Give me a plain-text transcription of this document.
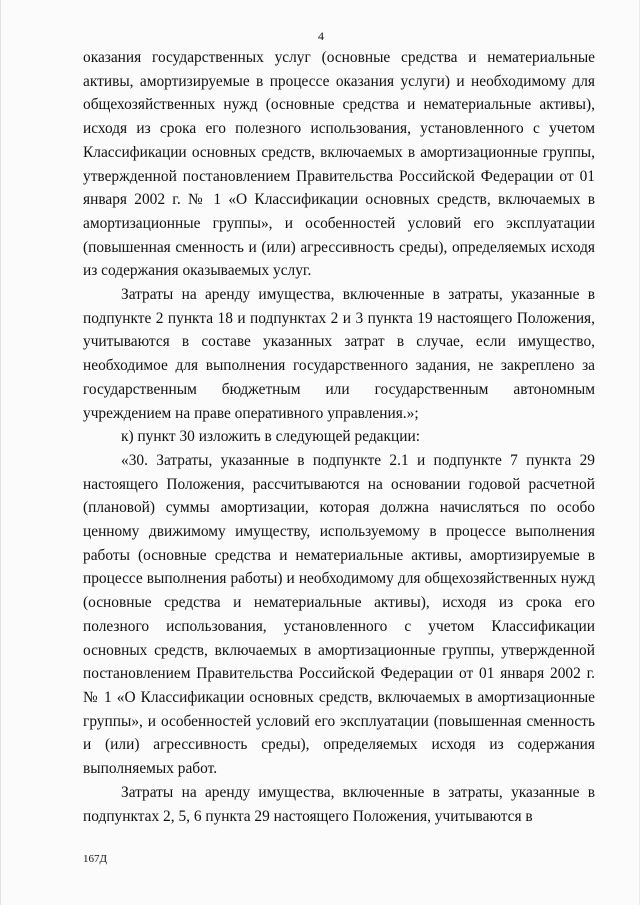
4

оказания государственных услуг (основные средства и нематериальные активы, амортизируемые в процессе оказания услуги) и необходимому для общехозяйственных нужд (основные средства и нематериальные активы), исходя из срока его полезного использования, установленного с учетом Классификации основных средств, включаемых в амортизационные группы, утвержденной постановлением Правительства Российской Федерации от 01 января 2002 г. № 1 «О Классификации основных средств, включаемых в амортизационные группы», и особенностей условий его эксплуатации (повышенная сменность и (или) агрессивность среды), определяемых исходя из содержания оказываемых услуг.

Затраты на аренду имущества, включенные в затраты, указанные в подпункте 2 пункта 18 и подпунктах 2 и 3 пункта 19 настоящего Положения, учитываются в составе указанных затрат в случае, если имущество, необходимое для выполнения государственного задания, не закреплено за государственным бюджетным или государственным автономным учреждением на праве оперативного управления.»;

к) пункт 30 изложить в следующей редакции:

«30. Затраты, указанные в подпункте 2.1 и подпункте 7 пункта 29 настоящего Положения, рассчитываются на основании годовой расчетной (плановой) суммы амортизации, которая должна начисляться по особо ценному движимому имуществу, используемому в процессе выполнения работы (основные средства и нематериальные активы, амортизируемые в процессе выполнения работы) и необходимому для общехозяйственных нужд (основные средства и нематериальные активы), исходя из срока его полезного использования, установленного с учетом Классификации основных средств, включаемых в амортизационные группы, утвержденной постановлением Правительства Российской Федерации от 01 января 2002 г. № 1 «О Классификации основных средств, включаемых в амортизационные группы», и особенностей условий его эксплуатации (повышенная сменность и (или) агрессивность среды), определяемых исходя из содержания выполняемых работ.

Затраты на аренду имущества, включенные в затраты, указанные в подпунктах 2, 5, 6 пункта 29 настоящего Положения, учитываются в

167Д
